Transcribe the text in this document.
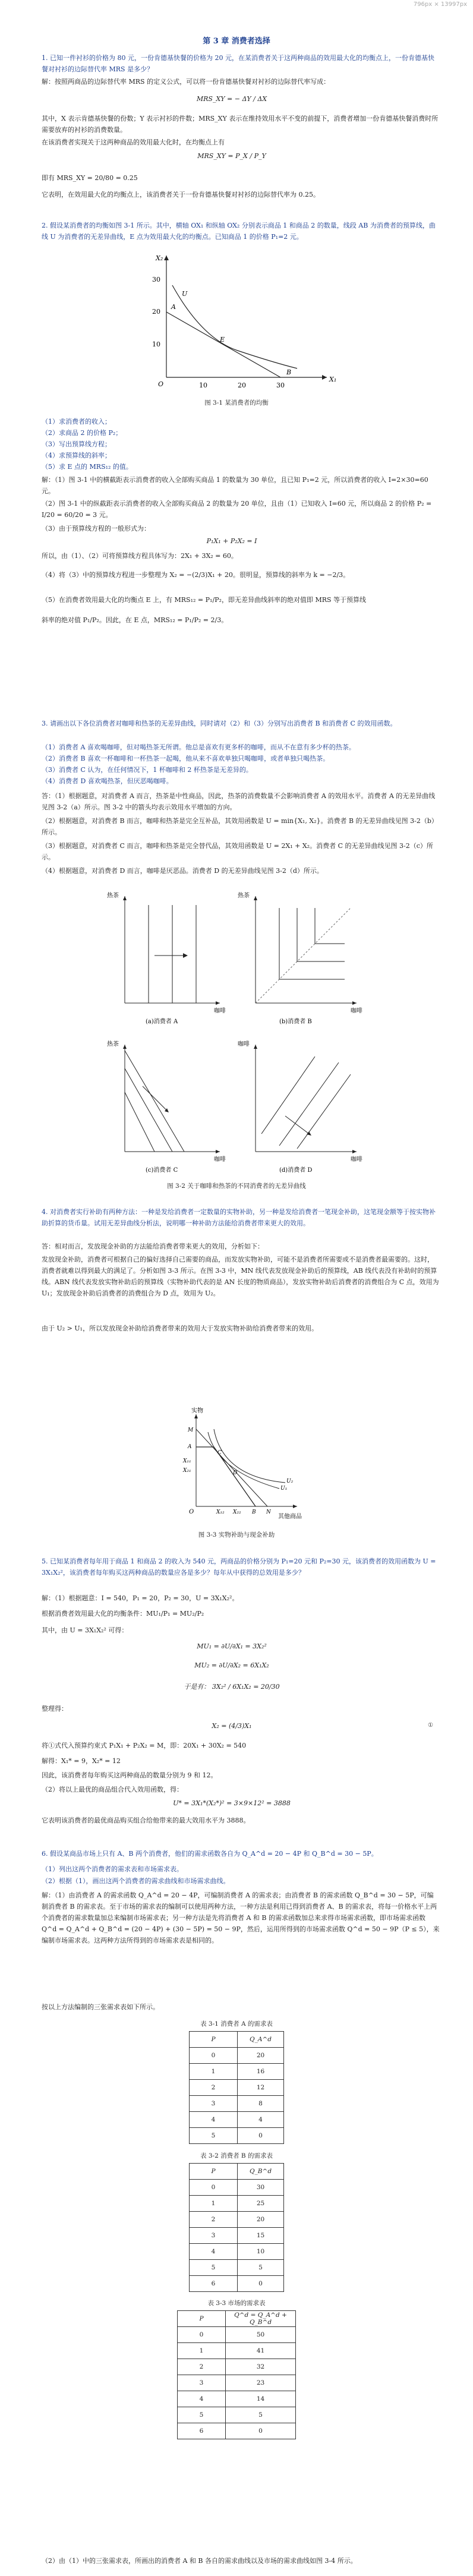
796px × 13997px
第 3 章 消费者选择

1. 已知一件衬衫的价格为 80 元，一份肯德基快餐的价格为 20 元，在某消费者关于这两种商品的效用最大化的均衡点上，一份肯德基快餐对衬衫的边际替代率 MRS 是多少？

解：按照两商品的边际替代率 MRS 的定义公式，可以将一份肯德基快餐对衬衫的边际替代率写成：

MRS_XY = − ΔY / ΔX

其中，X 表示肯德基快餐的份数；Y 表示衬衫的件数；MRS_XY 表示在维持效用水平不变的前提下，消费者增加一份肯德基快餐消费时所需要放弃的衬衫的消费数量。

在该消费者实现关于这两种商品的效用最大化时，在均衡点上有

MRS_XY = P_X / P_Y

即有 MRS_XY = 20/80 = 0.25

它表明，在效用最大化的均衡点上，该消费者关于一份肯德基快餐对衬衫的边际替代率为 0.25。

2. 假设某消费者的均衡如图 3-1 所示。其中，横轴 OX₁ 和纵轴 OX₂ 分别表示商品 1 和商品 2 的数量，线段 AB 为消费者的预算线，曲线 U 为消费者的无差异曲线，E 点为效用最大化的均衡点。已知商品 1 的价格 P₁=2 元。

X₂
X₁
O
30
20
10
10	20	30
A
U
E
B
图 3-1 某消费者的均衡
（1）求消费者的收入；
（2）求商品 2 的价格 P₂；
（3）写出预算线方程；
（4）求预算线的斜率；
（5）求 E 点的 MRS₁₂ 的值。

解：（1）图 3-1 中的横截距表示消费者的收入全部购买商品 1 的数量为 30 单位，且已知 P₁=2 元，所以消费者的收入 I=2×30=60 元。

（2）图 3-1 中的纵截距表示消费者的收入全部购买商品 2 的数量为 20 单位，且由（1）已知收入 I=60 元，所以商品 2 的价格 P₂ = I/20 = 60/20 = 3 元。

（3）由于预算线方程的一般形式为：

P₁X₁ + P₂X₂ = I

所以，由（1）、（2）可将预算线方程具体写为：2X₁ + 3X₂ = 60。

（4）将（3）中的预算线方程进一步整理为 X₂ = −(2/3)X₁ + 20。很明显，预算线的斜率为 k = −2/3。

（5）在消费者效用最大化的均衡点 E 上，有 MRS₁₂ = P₁/P₂，即无差异曲线斜率的绝对值即 MRS 等于预算线

斜率的绝对值 P₁/P₂。因此，在 E 点，MRS₁₂ = P₁/P₂ = 2/3。

3. 请画出以下各位消费者对咖啡和热茶的无差异曲线，同时请对（2）和（3）分别写出消费者 B 和消费者 C 的效用函数。

（1）消费者 A 喜欢喝咖啡，但对喝热茶无所谓。他总是喜欢有更多杯的咖啡，而从不在意有多少杯的热茶。
（2）消费者 B 喜欢一杯咖啡和一杯热茶一起喝，他从来不喜欢单独只喝咖啡，或者单独只喝热茶。
（3）消费者 C 认为，在任何情况下，1 杯咖啡和 2 杯热茶是无差异的。
（4）消费者 D 喜欢喝热茶，但厌恶喝咖啡。

答：（1）根据题意，对消费者 A 而言，热茶是中性商品，因此，热茶的消费数量不会影响消费者 A 的效用水平。消费者 A 的无差异曲线见图 3-2（a）所示。图 3-2 中的箭头均表示效用水平增加的方向。

（2）根据题意，对消费者 B 而言，咖啡和热茶是完全互补品，其效用函数是 U = min{X₁, X₂}。消费者 B 的无差异曲线见图 3-2（b）所示。

（3）根据题意，对消费者 C 而言，咖啡和热茶是完全替代品，其效用函数是 U = 2X₁ + X₂。消费者 C 的无差异曲线见图 3-2（c）所示。

（4）根据题意，对消费者 D 而言，咖啡是厌恶品。消费者 D 的无差异曲线见图 3-2（d）所示。

热茶
咖啡
(a)消费者 A
热茶
咖啡
(b)消费者 B
热茶
咖啡
(c)消费者 C
咖啡
咖啡
(d)消费者 D
图 3-2 关于咖啡和热茶的不同消费者的无差异曲线

4. 对消费者实行补助有两种方法：一种是发给消费者一定数量的实物补助，另一种是发给消费者一笔现金补助，这笔现金额等于按实物补助折算的货币量。试用无差异曲线分析法，说明哪一种补助方法能给消费者带来更大的效用。

答：相对而言，发放现金补助的方法能给消费者带来更大的效用，分析如下：

发放现金补助，消费者可根据自己的偏好选择自己需要的商品，而发放实物补助，可能不是消费者所需要或不是消费者最需要的。这时，消费者就难以得到最大的满足了。分析如图 3-3 所示。在图 3-3 中，MN 线代表发放现金补助后的预算线，AB 线代表没有补助时的预算线。ABN 线代表发放实物补助后的预算线（实物补助代表的是 AN 长度的物质商品），发放实物补助后消费者的消费组合为 C 点，效用为 U₁；发放现金补助后消费者的消费组合为 D 点，效用为 U₂。

由于 U₂ > U₁，所以发放现金补助给消费者带来的效用大于发放实物补助给消费者带来的效用。

实物
其他商品
O
M
A
X₁₁
X₂₁
C
D
U₁
U₂
B N
X₁₂ X₂₂
图 3-3 实物补助与现金补助

5. 已知某消费者每年用于商品 1 和商品 2 的收入为 540 元，两商品的价格分别为 P₁=20 元和 P₂=30 元，该消费者的效用函数为 U = 3X₁X₂²，该消费者每年购买这两种商品的数量应各是多少？每年从中获得的总效用是多少？

解：（1）根据题意：I = 540，P₁ = 20，P₂ = 30，U = 3X₁X₂²。

根据消费者效用最大化的均衡条件：MU₁/P₁ = MU₂/P₂

其中，由 U = 3X₁X₂² 可得：

MU₁ = ∂U/∂X₁ = 3X₂²
MU₂ = ∂U/∂X₂ = 6X₁X₂
于是有： 3X₂² / 6X₁X₂ = 20/30

整理得：

X₂ = (4/3)X₁	①

将①式代入预算约束式 P₁X₁ + P₂X₂ = M，即：20X₁ + 30X₂ = 540

解得：X₁* = 9，X₂* = 12

因此，该消费者每年购买这两种商品的数量分别为 9 和 12。

（2）将以上最优的商品组合代入效用函数，得：

U* = 3X₁*(X₂*)² = 3×9×12² = 3888

它表明该消费者的最优商品购买组合给他带来的最大效用水平为 3888。

6. 假设某商品市场上只有 A、B 两个消费者，他们的需求函数各自为 Q_A^d = 20 − 4P 和 Q_B^d = 30 − 5P。

（1）列出这两个消费者的需求表和市场需求表。

（2）根据（1），画出这两个消费者的需求曲线和市场需求曲线。

解：（1）由消费者 A 的需求函数 Q_A^d = 20 − 4P，可编制消费者 A 的需求表；由消费者 B 的需求函数 Q_B^d = 30 − 5P，可编制消费者 B 的需求表。至于市场的需求表的编制可以使用两种方法，一种方法是利用已得到消费者 A、B 的需求表，将每一价格水平上两个消费者的需求数量加总来编制市场需求表；另一种方法是先将消费者 A 和 B 的需求函数加总来求得市场需求函数，即市场需求函数 Q^d = Q_A^d + Q_B^d = (20 − 4P) + (30 − 5P) = 50 − 9P，然后，运用所得到的市场需求函数 Q^d = 50 − 9P（P ≤ 5），来编制市场需求表。这两种方法所得到的市场需求表是相同的。

按以上方法编制的三张需求表如下所示。

表 3-1 消费者 A 的需求表
P	Q_A^d
0	20
1	16
2	12
3	8
4	4
5	0
表 3-2 消费者 B 的需求表
P	Q_B^d
0	30
1	25
2	20
3	15
4	10
5	5
6	0
表 3-3 市场的需求表
P	Q^d = Q_A^d + Q_B^d
0	50
1	41
2	32
3	23
4	14
5	5
6	0

（2）由（1）中的三张需求表，所画出的消费者 A 和 B 各自的需求曲线以及市场的需求曲线如图 3-4 所示。
